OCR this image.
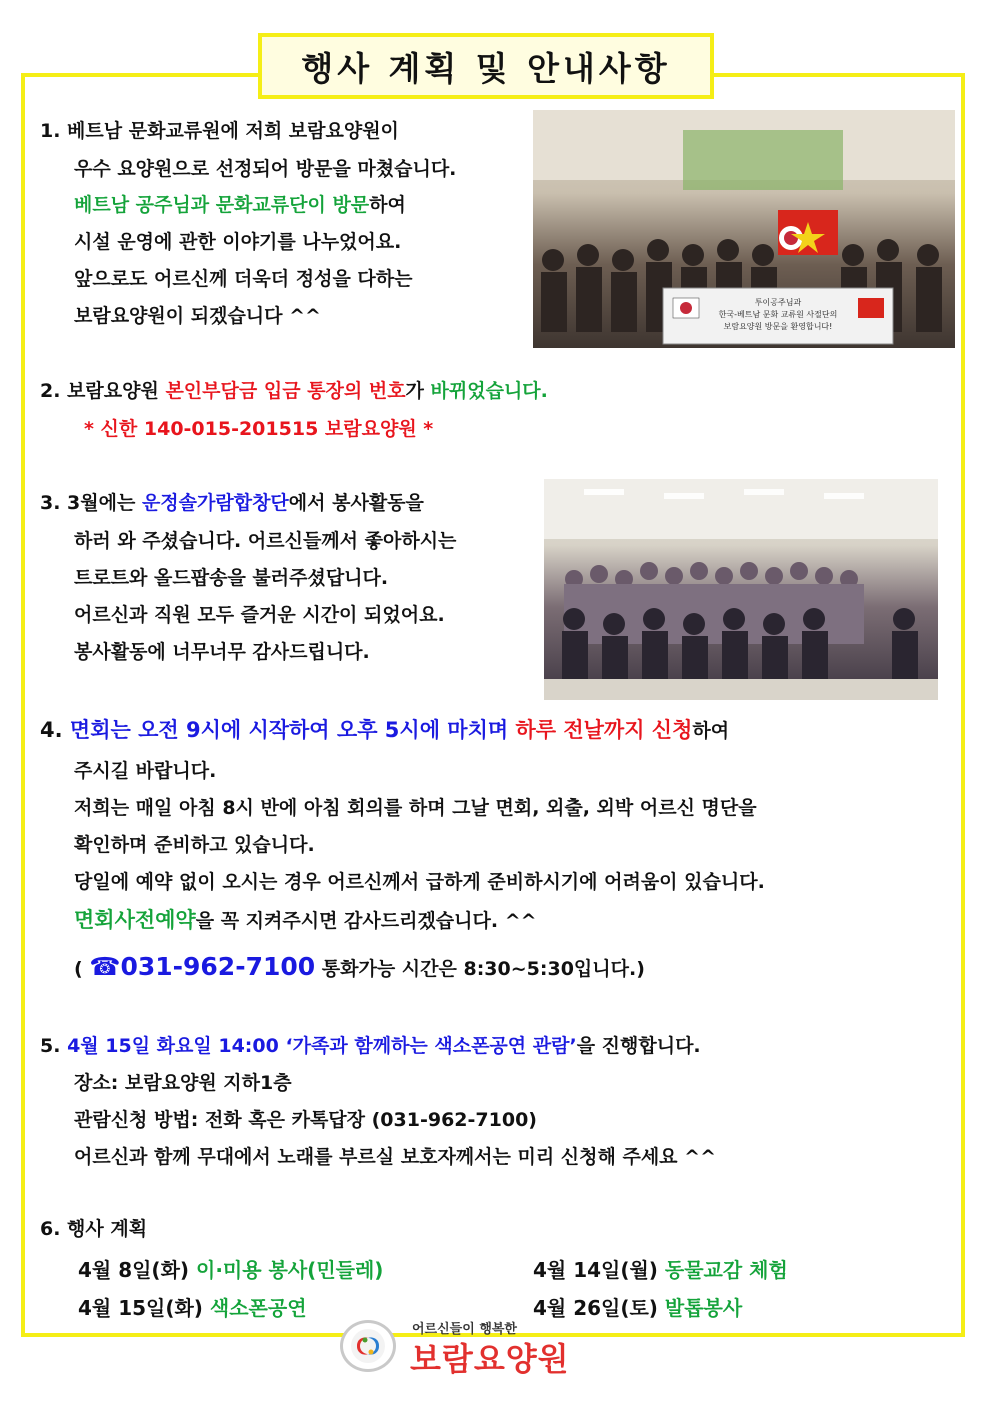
행사 계획 및 안내사항
1. 베트남 문화교류원에 저희 보람요양원이
우수 요양원으로 선정되어 방문을 마쳤습니다.
베트남 공주님과 문화교류단이 방문하여
시설 운영에 관한 이야기를 나누었어요.
앞으로도 어르신께 더욱더 정성을 다하는
보람요양원이 되겠습니다 ^^
투이공주님과
한국-베트남 문화 교류원 사절단의
보람요양원 방문을 환영합니다!
2. 보람요양원 본인부담금 입금 통장의 번호가 바뀌었습니다.
* 신한 140-015-201515 보람요양원 *
3. 3월에는 운정솔가람합창단에서 봉사활동을
하러 와 주셨습니다. 어르신들께서 좋아하시는
트로트와 올드팝송을 불러주셨답니다.
어르신과 직원 모두 즐거운 시간이 되었어요.
봉사활동에 너무너무 감사드립니다.
4. 면회는 오전 9시에 시작하여 오후 5시에 마치며 하루 전날까지 신청하여
주시길 바랍니다.
저희는 매일 아침 8시 반에 아침 회의를 하며 그날 면회, 외출, 외박 어르신 명단을
확인하며 준비하고 있습니다.
당일에 예약 없이 오시는 경우 어르신께서 급하게 준비하시기에 어려움이 있습니다.
면회사전예약을 꼭 지켜주시면 감사드리겠습니다. ^^
( ☎031-962-7100 통화가능 시간은 8:30~5:30입니다.)
5. 4월 15일 화요일 14:00 ‘가족과 함께하는 색소폰공연 관람’을 진행합니다.
장소: 보람요양원 지하1층
관람신청 방법: 전화 혹은 카톡답장 (031-962-7100)
어르신과 함께 무대에서 노래를 부르실 보호자께서는 미리 신청해 주세요 ^^
6. 행사 계획
4월 8일(화) 이·미용 봉사(민들레)	4월 14일(월) 동물교감 체험
4월 15일(화) 색소폰공연	4월 26일(토) 발톱봉사
어르신들이 행복한
보람요양원
